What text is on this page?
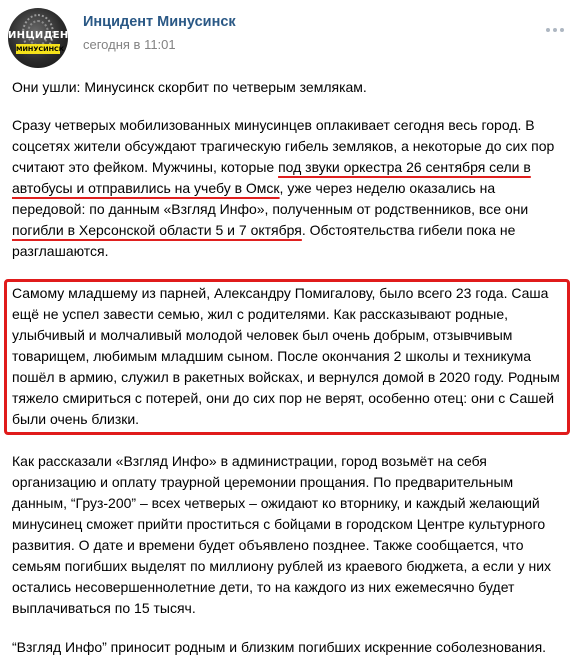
ИНЦИДЕНТ
МИНУСИНСК
Инцидент Минусинск
сегодня в 11:01

Они ушли: Минусинск скорбит по четверым землякам.

Сразу четверых мобилизованных минусинцев оплакивает сегодня весь город. В соцсетях жители обсуждают трагическую гибель земляков, а некоторые до сих пор считают это фейком. Мужчины, которые под звуки оркестра 26 сентября сели в автобусы и отправились на учебу в Омск, уже через неделю оказались на передовой: по данным «Взгляд Инфо», полученным от родственников, все они погибли в Херсонской области 5 и 7 октября. Обстоятельства гибели пока не разглашаются.

Самому младшему из парней, Александру Помигалову, было всего 23 года. Саша ещё не успел завести семью, жил с родителями. Как рассказывают родные, улыбчивый и молчаливый молодой человек был очень добрым, отзывчивым товарищем, любимым младшим сыном. После окончания 2 школы и техникума пошёл в армию, служил в ракетных войсках, и вернулся домой в 2020 году. Родным тяжело смириться с потерей, они до сих пор не верят, особенно отец: они с Сашей были очень близки.

Как рассказали «Взгляд Инфо» в администрации, город возьмёт на себя организацию и оплату траурной церемонии прощания. По предварительным данным, “Груз-200” – всех четверых – ожидают ко вторнику, и каждый желающий минусинец сможет прийти проститься с бойцами в городском Центре культурного развития. О дате и времени будет объявлено позднее. Также сообщается, что семьям погибших выделят по миллиону рублей из краевого бюджета, а если у них остались несовершеннолетние дети, то на каждого из них ежемесячно будет выплачиваться по 15 тысяч.

“Взгляд Инфо” приносит родным и близким погибших искренние соболезнования.
